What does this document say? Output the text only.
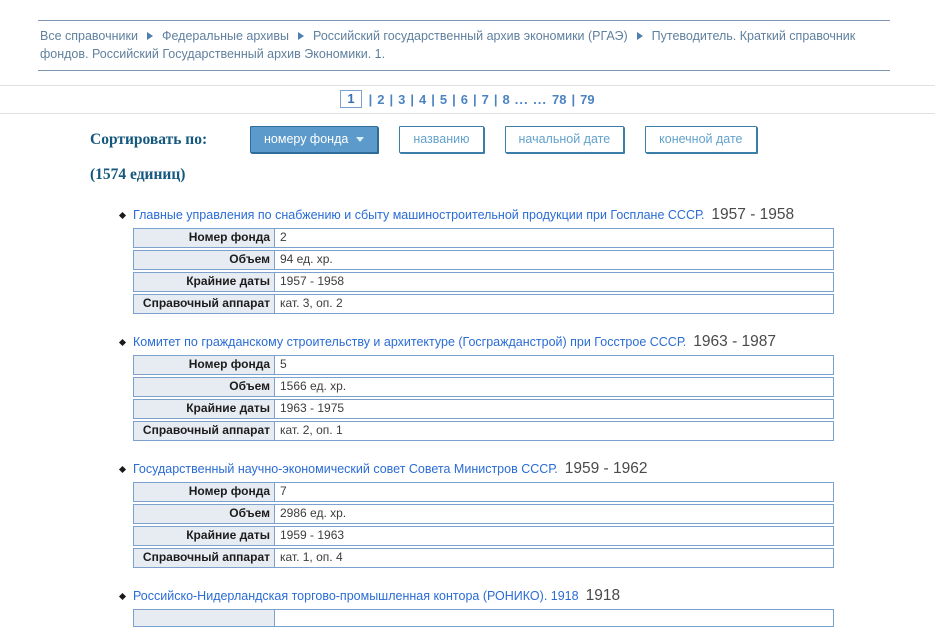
Все справочники Федеральные архивы Российский государственный архив экономики (РГАЭ) Путеводитель. Краткий справочник фондов. Российский Государственный архив Экономики. 1.
1	| 2 | 3 | 4 | 5 | 6 | 7 | 8 ... ... 78 | 79
Сортировать по:	номеру фонда	названию	начальной дате	конечной дате
(1574 единиц)
Главные управления по снабжению и сбыту машиностроительной продукции при Госплане СССР. 1957 - 1958
Номер фонда 2
Объем 94 ед. хр.
Крайние даты 1957 - 1958
Справочный аппарат кат. 3, оп. 2
Комитет по гражданскому строительству и архитектуре (Госгражданстрой) при Госстрое СССР. 1963 - 1987
Номер фонда 5
Объем 1566 ед. хр.
Крайние даты 1963 - 1975
Справочный аппарат кат. 2, оп. 1
Государственный научно-экономический совет Совета Министров СССР. 1959 - 1962
Номер фонда 7
Объем 2986 ед. хр.
Крайние даты 1959 - 1963
Справочный аппарат кат. 1, оп. 4
Российско-Нидерландская торгово-промышленная контора (РОНИКО). 1918 1918
